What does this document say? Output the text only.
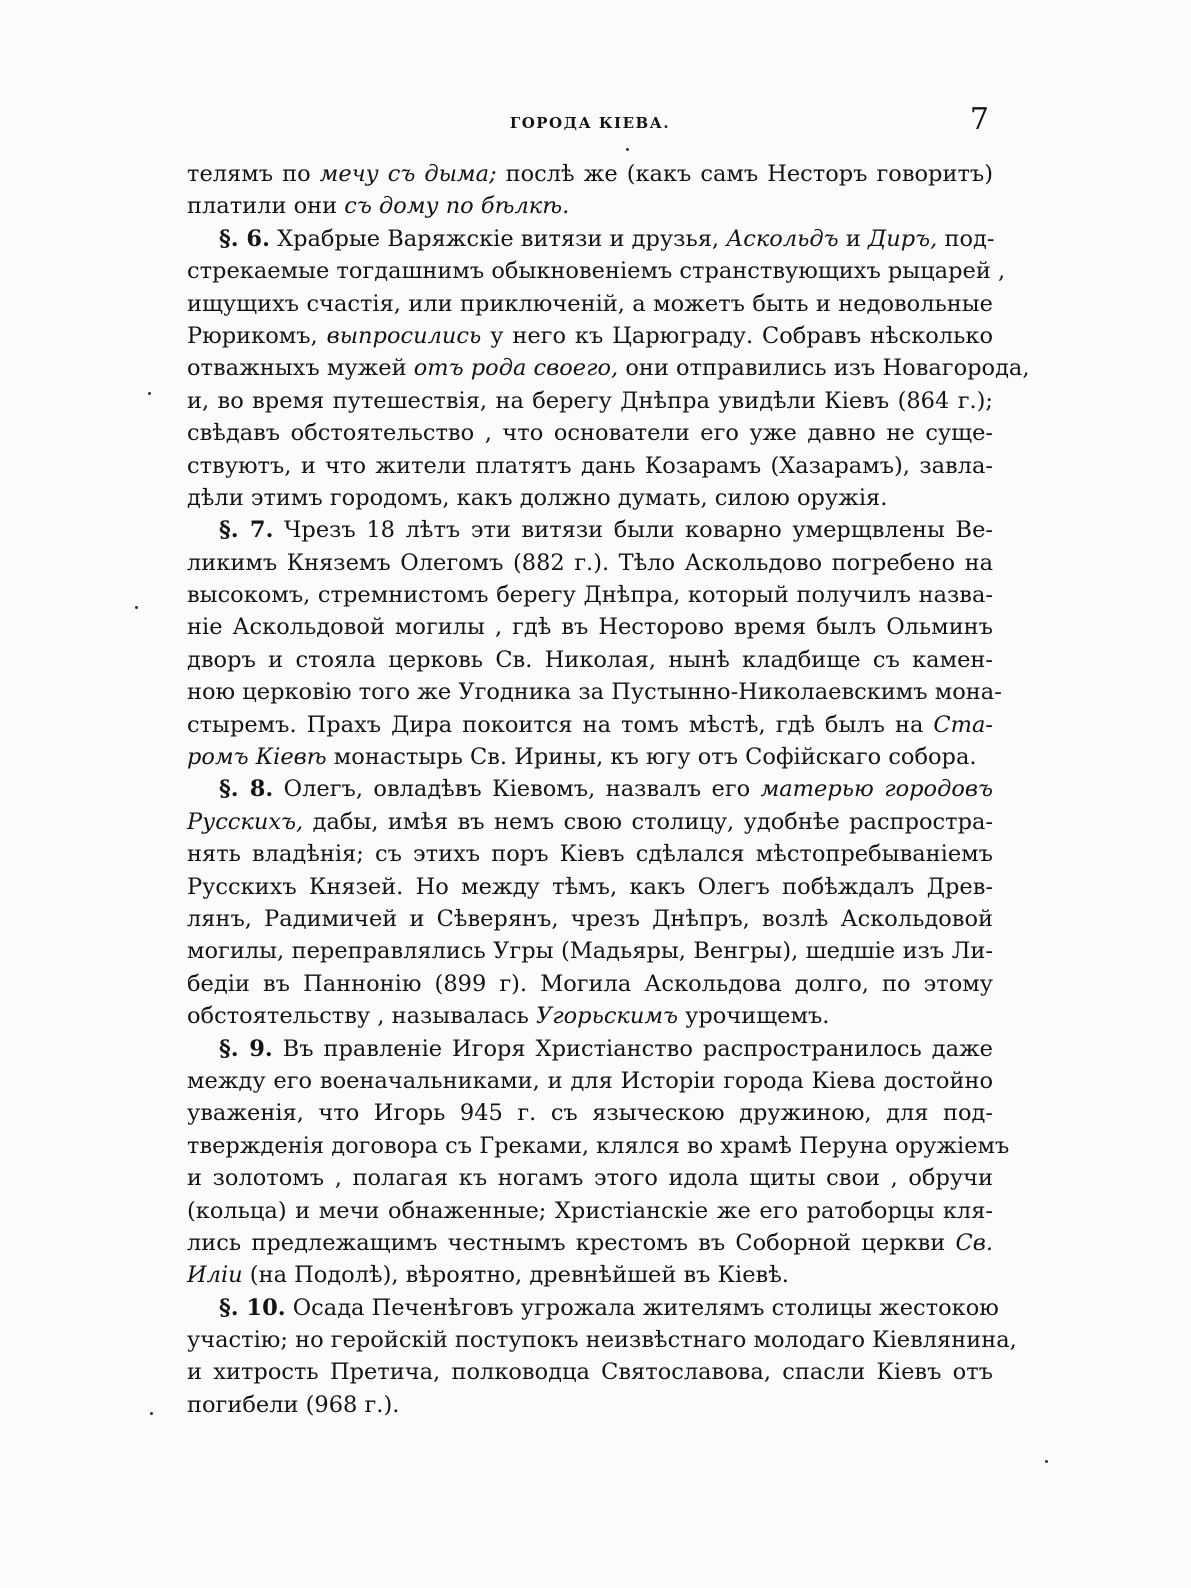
ГОРОДА КІЕВА.	7
телямъ по мечу съ дыма; послѣ же (какъ самъ Несторъ говоритъ)
платили они съ дому по бѣлкѣ.
§. 6. Храбрые Варяжскіе витязи и друзья, Аскольдъ и Диръ, под-
стрекаемые тогдашнимъ обыкновеніемъ странствующихъ рыцарей ,
ищущихъ счастія, или приключеній, а можетъ быть и недовольные
Рюрикомъ, выпросились у него къ Царюграду. Собравъ нѣсколько
отважныхъ мужей отъ рода своего, они отправились изъ Новагорода,
и, во время путешествія, на берегу Днѣпра увидѣли Кіевъ (864 г.);
свѣдавъ обстоятельство , что основатели его уже давно не суще-
ствуютъ, и что жители платятъ дань Козарамъ (Хазарамъ), завла-
дѣли этимъ городомъ, какъ должно думать, силою оружія.
§. 7. Чрезъ 18 лѣтъ эти витязи были коварно умерщвлены Ве-
ликимъ Княземъ Олегомъ (882 г.). Тѣло Аскольдово погребено на
высокомъ, стремнистомъ берегу Днѣпра, который получилъ назва-
ніе Аскольдовой могилы , гдѣ въ Несторово время былъ Ольминъ
дворъ и стояла церковь Св. Николая, нынѣ кладбище съ камен-
ною церковію того же Угодника за Пустынно-Николаевскимъ мона-
стыремъ. Прахъ Дира покоится на томъ мѣстѣ, гдѣ былъ на Ста-
ромъ Кіевѣ монастырь Св. Ирины, къ югу отъ Софійскаго собора.
§. 8. Олегъ, овладѣвъ Кіевомъ, назвалъ его матерью городовъ
Русскихъ, дабы, имѣя въ немъ свою столицу, удобнѣе распростра-
нять владѣнія; съ этихъ поръ Кіевъ сдѣлался мѣстопребываніемъ
Русскихъ Князей. Но между тѣмъ, какъ Олегъ побѣждалъ Древ-
лянъ, Радимичей и Сѣверянъ, чрезъ Днѣпръ, возлѣ Аскольдовой
могилы, переправлялись Угры (Мадьяры, Венгры), шедшіе изъ Ли-
бедіи въ Паннонію (899 г). Могила Аскольдова долго, по этому
обстоятельству , называлась Угорьскимъ урочищемъ.
§. 9. Въ правленіе Игоря Христіанство распространилось даже
между его военачальниками, и для Исторіи города Кіева достойно
уваженія, что Игорь 945 г. съ языческою дружиною, для под-
твержденія договора съ Греками, клялся во храмѣ Перуна оружіемъ
и золотомъ , полагая къ ногамъ этого идола щиты свои , обручи
(кольца) и мечи обнаженные; Христіанскіе же его ратоборцы кля-
лись предлежащимъ честнымъ крестомъ въ Соборной церкви Св.
Иліи (на Подолѣ), вѣроятно, древнѣйшей въ Кіевѣ.
§. 10. Осада Печенѣговъ угрожала жителямъ столицы жестокою
участію; но геройскій поступокъ неизвѣстнаго молодаго Кіевлянина,
и хитрость Претича, полководца Святославова, спасли Кіевъ отъ
погибели (968 г.).
